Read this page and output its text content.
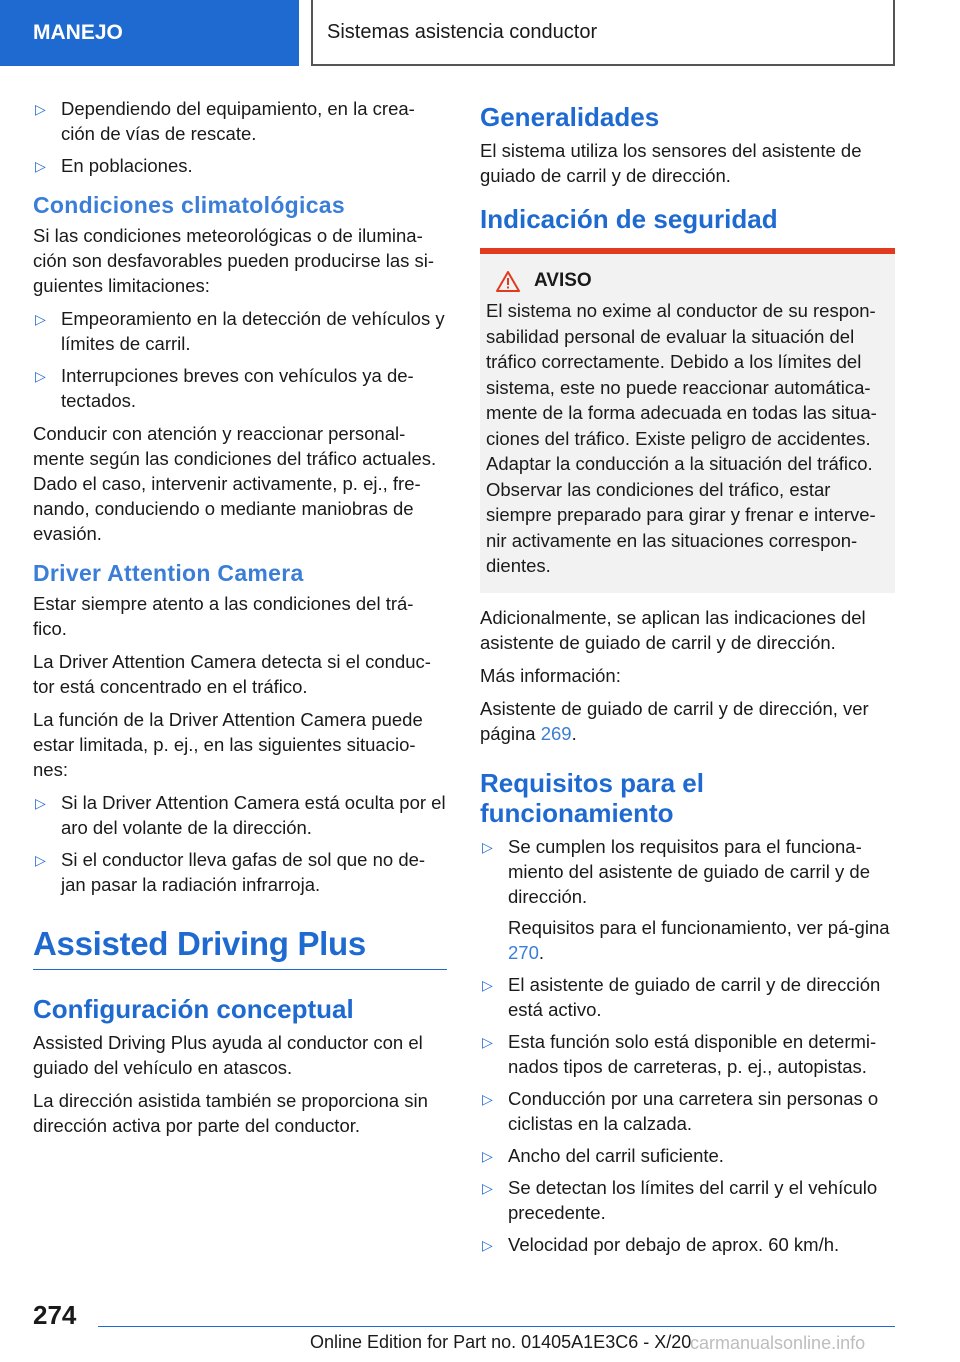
MANEJO	Sistemas asistencia conductor
▷ Dependiendo del equipamiento, en la crea-ción de vías de rescate.
▷ En poblaciones.
Condiciones climatológicas

Si las condiciones meteorológicas o de ilumina-ción son desfavorables pueden producirse las si-guientes limitaciones:

▷ Empeoramiento en la detección de vehículos y límites de carril.
▷ Interrupciones breves con vehículos ya de-tectados.

Conducir con atención y reaccionar personal-mente según las condiciones del tráfico actuales. Dado el caso, intervenir activamente, p. ej., fre-nando, conduciendo o mediante maniobras de evasión.

Driver Attention Camera

Estar siempre atento a las condiciones del trá-fico.

La Driver Attention Camera detecta si el conduc-tor está concentrado en el tráfico.

La función de la Driver Attention Camera puede estar limitada, p. ej., en las siguientes situacio-nes:

▷ Si la Driver Attention Camera está oculta por el aro del volante de la dirección.
▷ Si el conductor lleva gafas de sol que no de-jan pasar la radiación infrarroja.
Assisted Driving Plus
Configuración conceptual

Assisted Driving Plus ayuda al conductor con el guiado del vehículo en atascos.

La dirección asistida también se proporciona sin dirección activa por parte del conductor.

Generalidades

El sistema utiliza los sensores del asistente de guiado de carril y de dirección.

Indicación de seguridad
AVISO

El sistema no exime al conductor de su respon-sabilidad personal de evaluar la situación del tráfico correctamente. Debido a los límites del sistema, este no puede reaccionar automática-mente de la forma adecuada en todas las situa-ciones del tráfico. Existe peligro de accidentes. Adaptar la conducción a la situación del tráfico. Observar las condiciones del tráfico, estar siempre preparado para girar y frenar e interve-nir activamente en las situaciones correspon-dientes.

Adicionalmente, se aplican las indicaciones del asistente de guiado de carril y de dirección.

Más información:

Asistente de guiado de carril y de dirección, ver página 269.

Requisitos para el
funcionamiento
▷ Se cumplen los requisitos para el funciona-miento del asistente de guiado de carril y de dirección.
Requisitos para el funcionamiento, ver pá-gina 270.
▷ El asistente de guiado de carril y de dirección está activo.
▷ Esta función solo está disponible en determi-nados tipos de carreteras, p. ej., autopistas.
▷ Conducción por una carretera sin personas o ciclistas en la calzada.
▷ Ancho del carril suficiente.
▷ Se detectan los límites del carril y el vehículo precedente.
▷ Velocidad por debajo de aprox. 60 km/h.
274
Online Edition for Part no. 01405A1E3C6 - X/20
carmanualsonline.info
